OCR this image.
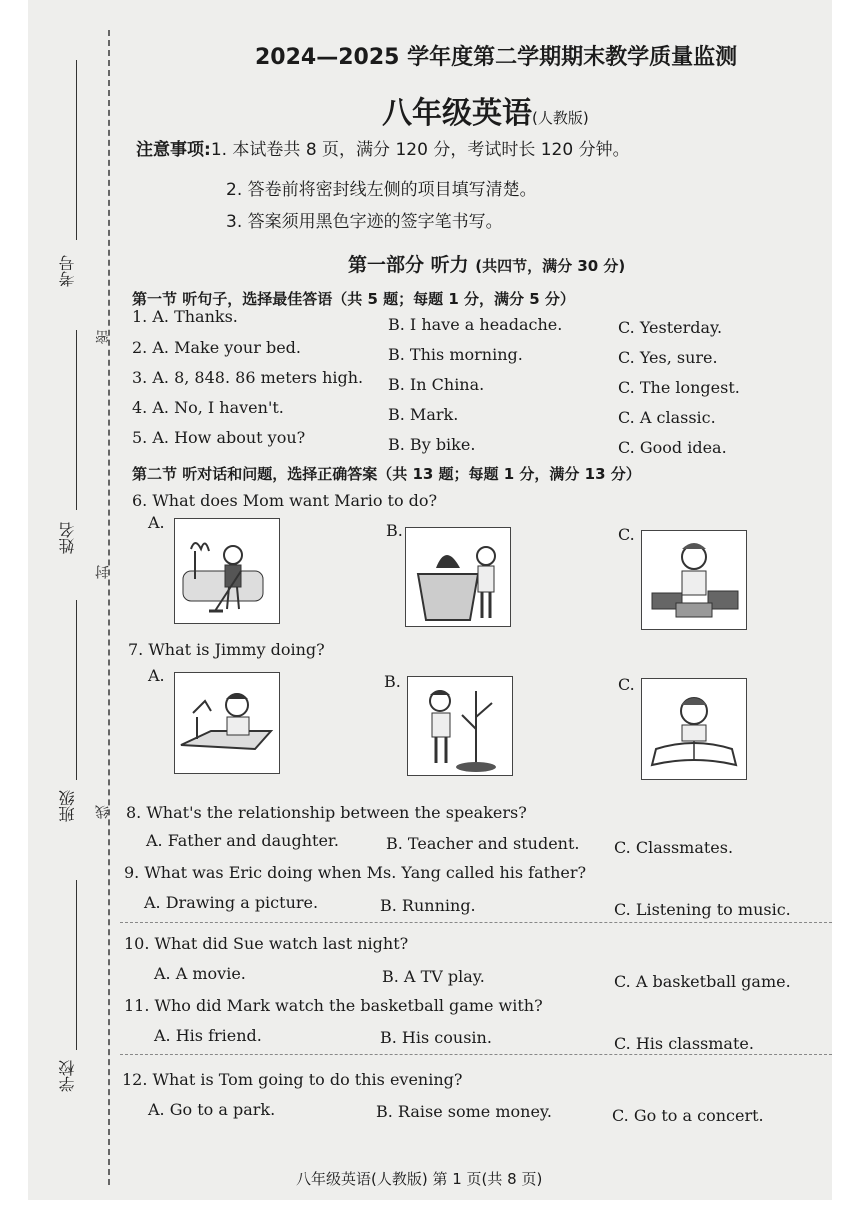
考号
姓名
班级
学校
密
封
线
2024—2025 学年度第二学期期末教学质量监测
八年级英语(人教版)
注意事项:1. 本试卷共 8 页，满分 120 分，考试时长 120 分钟。
2. 答卷前将密封线左侧的项目填写清楚。
3. 答案须用黑色字迹的签字笔书写。
第一部分 听力 (共四节，满分 30 分)
第一节 听句子，选择最佳答语（共 5 题；每题 1 分，满分 5 分）
1. A. Thanks.	B. I have a headache.	C. Yesterday.
2. A. Make your bed.	B. This morning.	C. Yes, sure.
3. A. 8, 848. 86 meters high. B. In China.	C. The longest.
4. A. No, I haven't.	B. Mark.	C. A classic.
5. A. How about you?	B. By bike.	C. Good idea.
第二节 听对话和问题，选择正确答案（共 13 题；每题 1 分，满分 13 分）
6. What does Mom want Mario to do?
A.	B.	C.
7. What is Jimmy doing?
A.	B.	C.
8. What's the relationship between the speakers?
A. Father and daughter.	B. Teacher and student. C. Classmates.
9. What was Eric doing when Ms. Yang called his father?
A. Drawing a picture.	B. Running.	C. Listening to music.
10. What did Sue watch last night?
A. A movie.	B. A TV play.	C. A basketball game.
11. Who did Mark watch the basketball game with?
A. His friend.	B. His cousin.	C. His classmate.
12. What is Tom going to do this evening?
A. Go to a park.	B. Raise some money.	C. Go to a concert.
八年级英语(人教版) 第 1 页(共 8 页)
